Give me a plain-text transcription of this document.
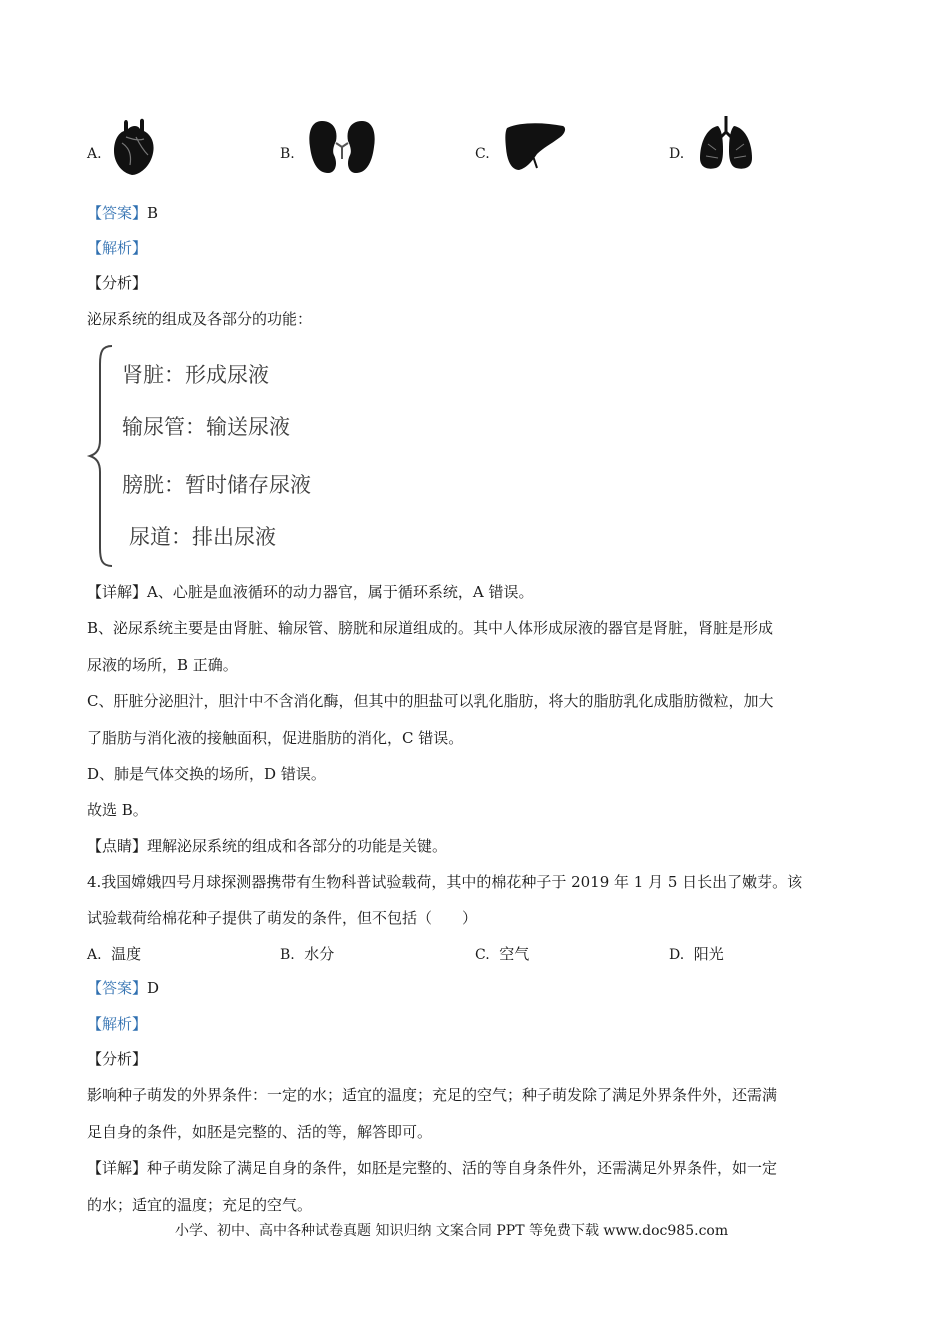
A.	B.	C.	D.
【答案】B
【解析】
【分析】
泌尿系统的组成及各部分的功能：
肾脏：形成尿液
输尿管：输送尿液
膀胱：暂时储存尿液
尿道：排出尿液
【详解】A、心脏是血液循环的动力器官，属于循环系统，A 错误。
B、泌尿系统主要是由肾脏、输尿管、膀胱和尿道组成的。其中人体形成尿液的器官是肾脏，肾脏是形成
尿液的场所，B 正确。
C、肝脏分泌胆汁，胆汁中不含消化酶，但其中的胆盐可以乳化脂肪，将大的脂肪乳化成脂肪微粒，加大
了脂肪与消化液的接触面积，促进脂肪的消化，C 错误。
D、肺是气体交换的场所，D 错误。
故选 B。
【点睛】理解泌尿系统的组成和各部分的功能是关键。
4.我国嫦娥四号月球探测器携带有生物科普试验载荷，其中的棉花种子于 2019 年 1 月 5 日长出了嫩芽。该
试验载荷给棉花种子提供了萌发的条件，但不包括（　　）
A. 温度	B. 水分	C. 空气	D. 阳光
【答案】D
【解析】
【分析】
影响种子萌发的外界条件：一定的水；适宜的温度；充足的空气；种子萌发除了满足外界条件外，还需满
足自身的条件，如胚是完整的、活的等，解答即可。
【详解】种子萌发除了满足自身的条件，如胚是完整的、活的等自身条件外，还需满足外界条件，如一定
的水；适宜的温度；充足的空气。
小学、初中、高中各种试卷真题 知识归纳 文案合同 PPT 等免费下载 www.doc985.com
